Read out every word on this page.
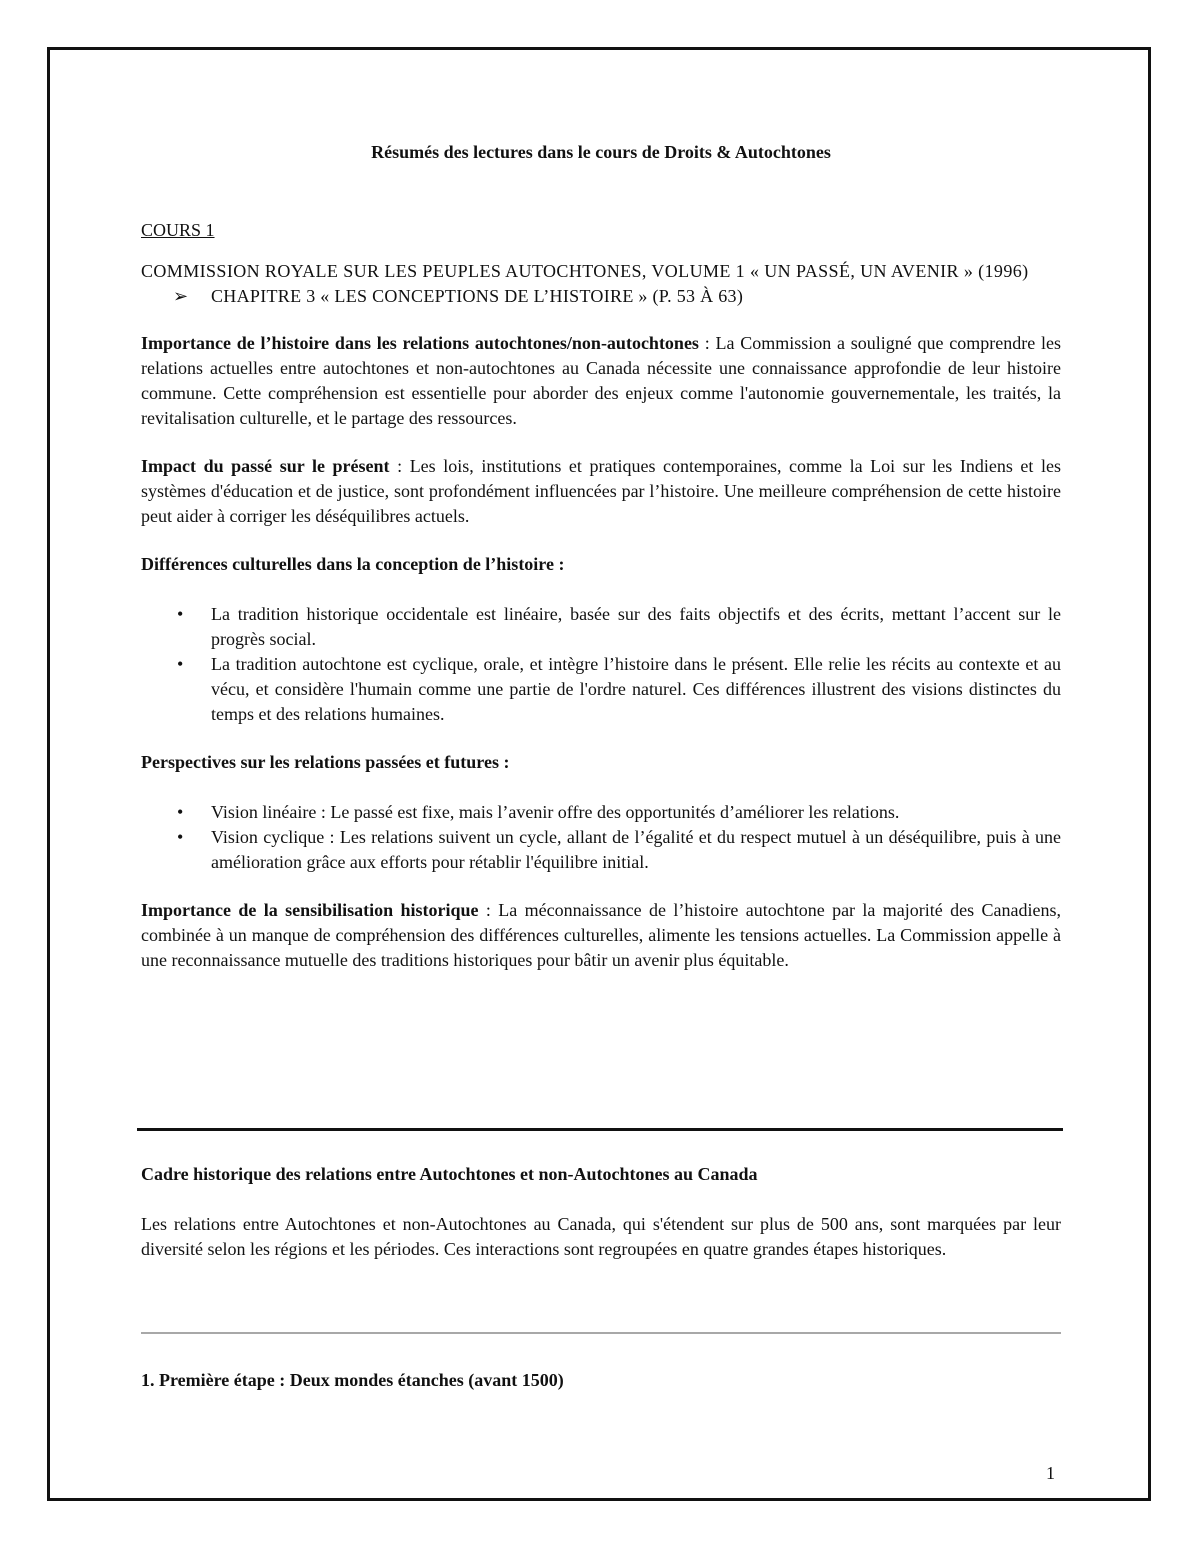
Résumés des lectures dans le cours de Droits & Autochtones

COURS 1

COMMISSION ROYALE SUR LES PEUPLES AUTOCHTONES, VOLUME 1 « UN PASSÉ, UN AVENIR » (1996)

➢ CHAPITRE 3 « LES CONCEPTIONS DE L’HISTOIRE » (P. 53 À 63)

Importance de l’histoire dans les relations autochtones/non-autochtones : La Commission a souligné que comprendre les relations actuelles entre autochtones et non-autochtones au Canada nécessite une connaissance approfondie de leur histoire commune. Cette compréhension est essentielle pour aborder des enjeux comme l'autonomie gouvernementale, les traités, la revitalisation culturelle, et le partage des ressources.

Impact du passé sur le présent : Les lois, institutions et pratiques contemporaines, comme la Loi sur les Indiens et les systèmes d'éducation et de justice, sont profondément influencées par l’histoire. Une meilleure compréhension de cette histoire peut aider à corriger les déséquilibres actuels.

Différences culturelles dans la conception de l’histoire :

• La tradition historique occidentale est linéaire, basée sur des faits objectifs et des écrits, mettant l’accent sur le progrès social.
• La tradition autochtone est cyclique, orale, et intègre l’histoire dans le présent. Elle relie les récits au contexte et au vécu, et considère l'humain comme une partie de l'ordre naturel. Ces différences illustrent des visions distinctes du temps et des relations humaines.

Perspectives sur les relations passées et futures :

• Vision linéaire : Le passé est fixe, mais l’avenir offre des opportunités d’améliorer les relations.
• Vision cyclique : Les relations suivent un cycle, allant de l’égalité et du respect mutuel à un déséquilibre, puis à une amélioration grâce aux efforts pour rétablir l'équilibre initial.

Importance de la sensibilisation historique : La méconnaissance de l’histoire autochtone par la majorité des Canadiens, combinée à un manque de compréhension des différences culturelles, alimente les tensions actuelles. La Commission appelle à une reconnaissance mutuelle des traditions historiques pour bâtir un avenir plus équitable.

Cadre historique des relations entre Autochtones et non-Autochtones au Canada

Les relations entre Autochtones et non-Autochtones au Canada, qui s'étendent sur plus de 500 ans, sont marquées par leur diversité selon les régions et les périodes. Ces interactions sont regroupées en quatre grandes étapes historiques.

1. Première étape : Deux mondes étanches (avant 1500)
1
